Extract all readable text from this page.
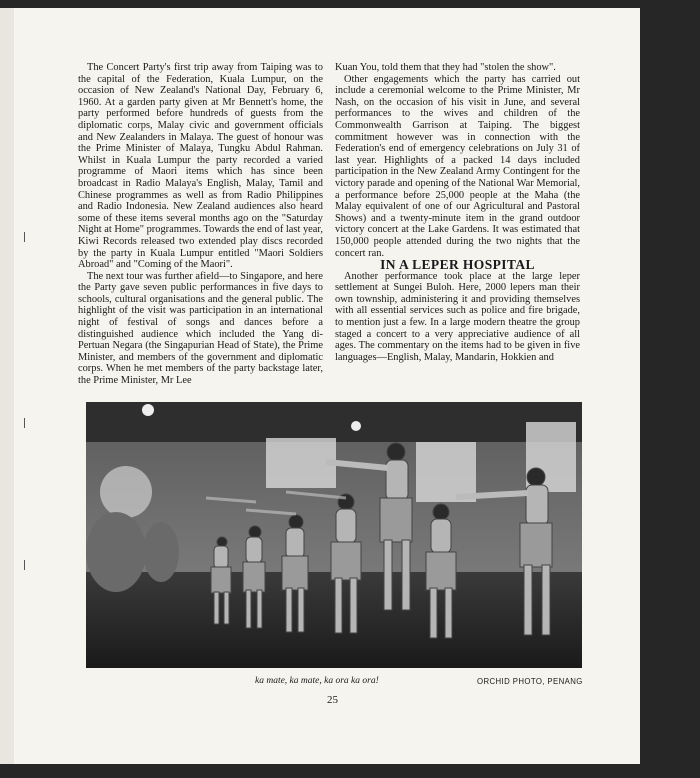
The Concert Party's first trip away from Taiping was to the capital of the Federation, Kuala Lumpur, on the occasion of New Zealand's National Day, February 6, 1960. At a garden party given at Mr Bennett's home, the party performed before hundreds of guests from the diplomatic corps, Malay civic and government officials and New Zealanders in Malaya. The guest of honour was the Prime Minister of Malaya, Tungku Abdul Rahman. Whilst in Kuala Lumpur the party recorded a varied programme of Maori items which has since been broadcast in Radio Malaya's English, Malay, Tamil and Chinese programmes as well as from Radio Philippines and Radio Indonesia. New Zealand audiences also heard some of these items several months ago on the "Saturday Night at Home" programmes. Towards the end of last year, Kiwi Records released two extended play discs recorded by the party in Kuala Lumpur entitled "Maori Soldiers Abroad" and "Coming of the Maori".

The next tour was further afield—to Singapore, and here the Party gave seven public performances in five days to schools, cultural organisations and the general public. The highlight of the visit was participation in an international night of festival of songs and dances before a distinguished audience which included the Yang di-Pertuan Negara (the Singapurian Head of State), the Prime Minister, and members of the government and diplomatic corps. When he met members of the party backstage later, the Prime Minister, Mr Lee

Kuan You, told them that they had "stolen the show".

Other engagements which the party has carried out include a ceremonial welcome to the Prime Minister, Mr Nash, on the occasion of his visit in June, and several performances to the wives and children of the Commonwealth Garrison at Taiping. The biggest commitment however was in connection with the Federation's end of emergency celebrations on July 31 of last year. Highlights of a packed 14 days included participation in the New Zealand Army Contingent for the victory parade and opening of the National War Memorial, a performance before 25,000 people at the Maha (the Malay equivalent of one of our Agricultural and Pastoral Shows) and a twenty-minute item in the grand outdoor victory concert at the Lake Gardens. It was estimated that 150,000 people attended during the two nights that the concert ran.

IN A LEPER HOSPITAL

Another performance took place at the large leper settlement at Sungei Buloh. Here, 2000 lepers man their own township, administering it and providing themselves with all essential services such as police and fire brigade, to mention just a few. In a large modern theatre the group staged a concert to a very appreciative audience of all ages. The commentary on the items had to be given in five languages—English, Malay, Mandarin, Hokkien and

ka mate, ka mate, ka ora ka ora!	ORCHID PHOTO, PENANG
25
